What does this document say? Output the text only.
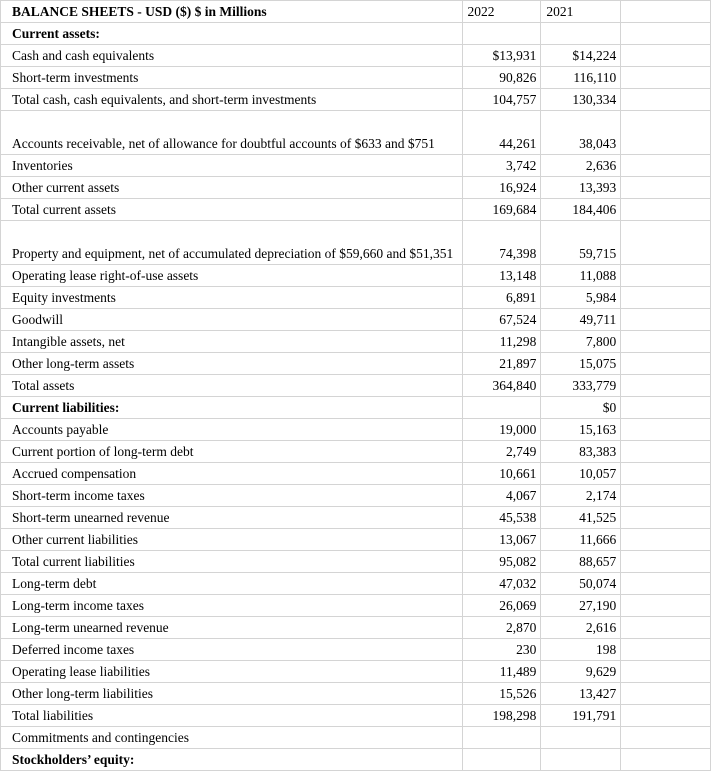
BALANCE SHEETS - USD ($) $ in Millions	2022	2021	
Current assets:			
Cash and cash equivalents	$13,931	$14,224	
Short-term investments	90,826	116,110	
Total cash, cash equivalents, and short-term investments	104,757	130,334	
Accounts receivable, net of allowance for doubtful accounts of $633 and $751	44,261	38,043	
Inventories	3,742	2,636	
Other current assets	16,924	13,393	
Total current assets	169,684	184,406	
Property and equipment, net of accumulated depreciation of $59,660 and $51,351	74,398	59,715	
Operating lease right-of-use assets	13,148	11,088	
Equity investments	6,891	5,984	
Goodwill	67,524	49,711	
Intangible assets, net	11,298	7,800	
Other long-term assets	21,897	15,075	
Total assets	364,840	333,779	
Current liabilities:		$0	
Accounts payable	19,000	15,163	
Current portion of long-term debt	2,749	83,383	
Accrued compensation	10,661	10,057	
Short-term income taxes	4,067	2,174	
Short-term unearned revenue	45,538	41,525	
Other current liabilities	13,067	11,666	
Total current liabilities	95,082	88,657	
Long-term debt	47,032	50,074	
Long-term income taxes	26,069	27,190	
Long-term unearned revenue	2,870	2,616	
Deferred income taxes	230	198	
Operating lease liabilities	11,489	9,629	
Other long-term liabilities	15,526	13,427	
Total liabilities	198,298	191,791	
Commitments and contingencies			
Stockholders’ equity:			
